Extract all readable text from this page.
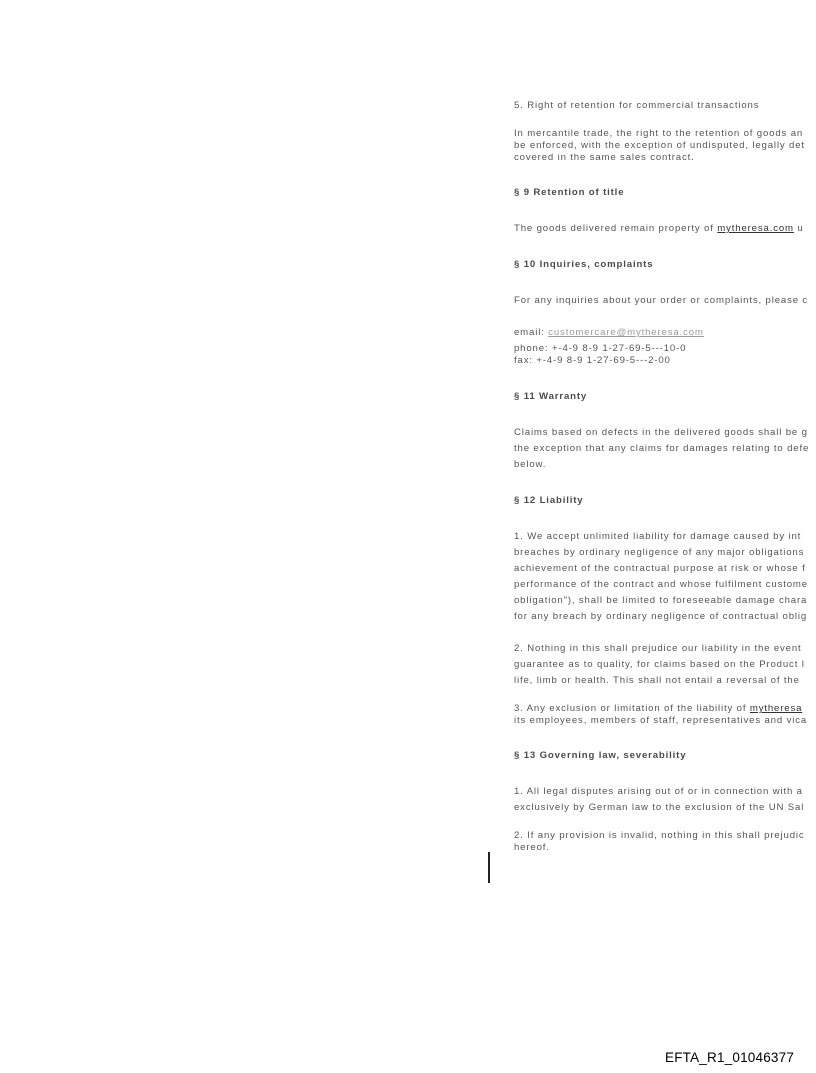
5. Right of retention for commercial transactions
In mercantile trade, the right to the retention of goods an
be enforced, with the exception of undisputed, legally det
covered in the same sales contract.
§ 9 Retention of title
The goods delivered remain property of mytheresa.com u
§ 10 Inquiries, complaints
For any inquiries about your order or complaints, please c
email: customercare@mytheresa.com
phone: +-4-9 8-9 1-27-69-5---10-0
fax: +-4-9 8-9 1-27-69-5---2-00
§ 11 Warranty
Claims based on defects in the delivered goods shall be g
the exception that any claims for damages relating to defe
below.
§ 12 Liability
1. We accept unlimited liability for damage caused by int
breaches by ordinary negligence of any major obligations
achievement of the contractual purpose at risk or whose f
performance of the contract and whose fulfilment custome
obligation"), shall be limited to foreseeable damage chara
for any breach by ordinary negligence of contractual oblig
2. Nothing in this shall prejudice our liability in the event
guarantee as to quality, for claims based on the Product l
life, limb or health. This shall not entail a reversal of the
3. Any exclusion or limitation of the liability of mytheresa
its employees, members of staff, representatives and vica
§ 13 Governing law, severability
1. All legal disputes arising out of or in connection with a
exclusively by German law to the exclusion of the UN Sal
2. If any provision is invalid, nothing in this shall prejudic
hereof.
EFTA_R1_01046377
